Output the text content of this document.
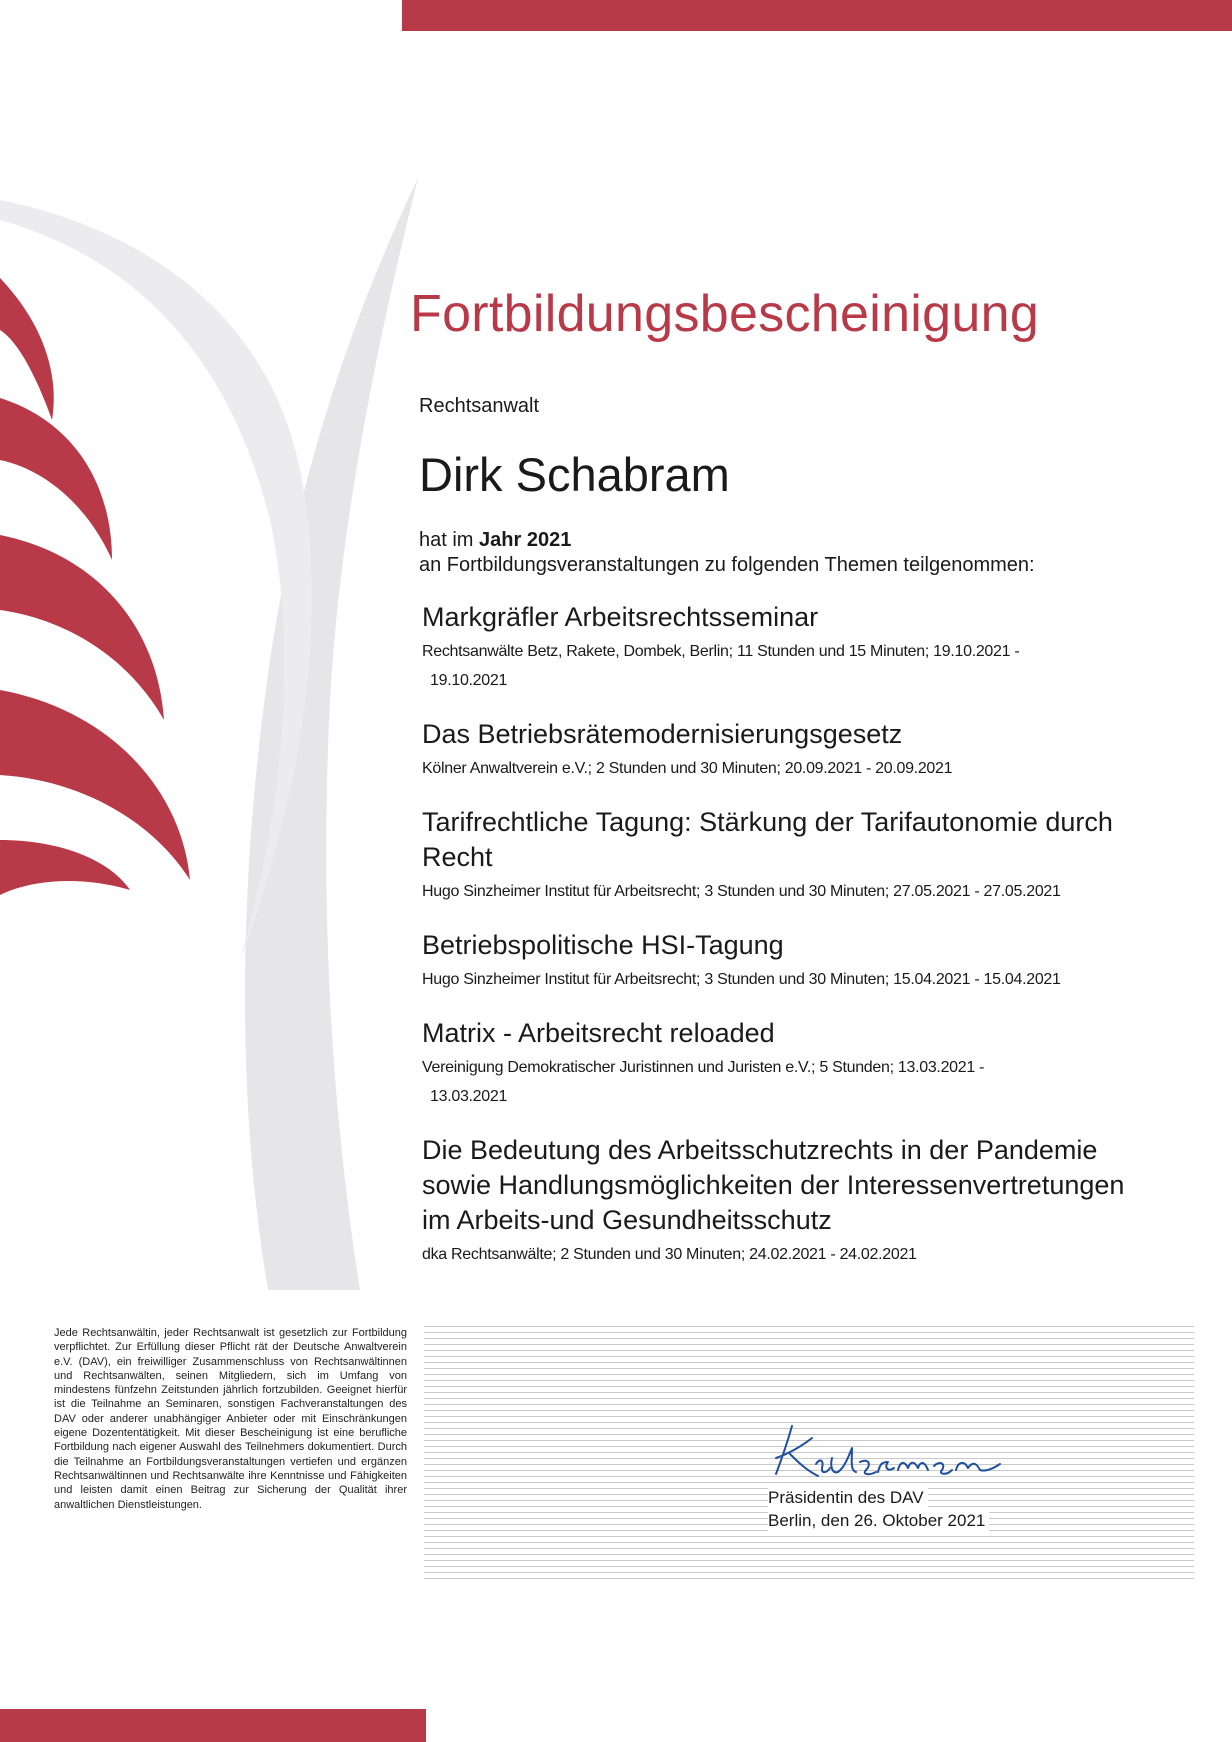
Fortbildungsbescheinigung
Rechtsanwalt
Dirk Schabram
hat im Jahr 2021
an Fortbildungsveranstaltungen zu folgenden Themen teilgenommen:
Markgräfler Arbeitsrechtsseminar
Rechtsanwälte Betz, Rakete, Dombek, Berlin; 11 Stunden und 15 Minuten; 19.10.2021 -
19.10.2021
Das Betriebsrätemodernisierungsgesetz
Kölner Anwaltverein e.V.; 2 Stunden und 30 Minuten; 20.09.2021 - 20.09.2021
Tarifrechtliche Tagung: Stärkung der Tarifautonomie durch Recht
Hugo Sinzheimer Institut für Arbeitsrecht; 3 Stunden und 30 Minuten; 27.05.2021 - 27.05.2021
Betriebspolitische HSI-Tagung
Hugo Sinzheimer Institut für Arbeitsrecht; 3 Stunden und 30 Minuten; 15.04.2021 - 15.04.2021
Matrix - Arbeitsrecht reloaded
Vereinigung Demokratischer Juristinnen und Juristen e.V.; 5 Stunden; 13.03.2021 -
13.03.2021
Die Bedeutung des Arbeitsschutzrechts in der Pandemie sowie Handlungsmöglichkeiten der Interessenvertretungen im Arbeits-und Gesundheitsschutz
dka Rechtsanwälte; 2 Stunden und 30 Minuten; 24.02.2021 - 24.02.2021
Jede Rechtsanwältin, jeder Rechtsanwalt ist gesetzlich zur Fortbildung verpflichtet. Zur Erfüllung dieser Pflicht rät der Deutsche Anwaltverein e.V. (DAV), ein freiwilliger Zusammenschluss von Rechtsanwältinnen und Rechtsanwälten, seinen Mitgliedern, sich im Umfang von mindestens fünfzehn Zeitstunden jährlich fortzubilden. Geeignet hierfür ist die Teilnahme an Seminaren, sonstigen Fachveranstaltungen des DAV oder anderer unabhängiger Anbieter oder mit Einschränkungen eigene Dozententätigkeit. Mit dieser Bescheinigung ist eine berufliche Fortbildung nach eigener Auswahl des Teilnehmers dokumentiert. Durch die Teilnahme an Fortbildungsveranstaltungen vertiefen und ergänzen Rechtsanwältinnen und Rechtsanwälte ihre Kenntnisse und Fähigkeiten und leisten damit einen Beitrag zur Sicherung der Qualität ihrer anwaltlichen Dienstleistungen.	Präsidentin des DAV
Berlin, den 26. Oktober 2021
